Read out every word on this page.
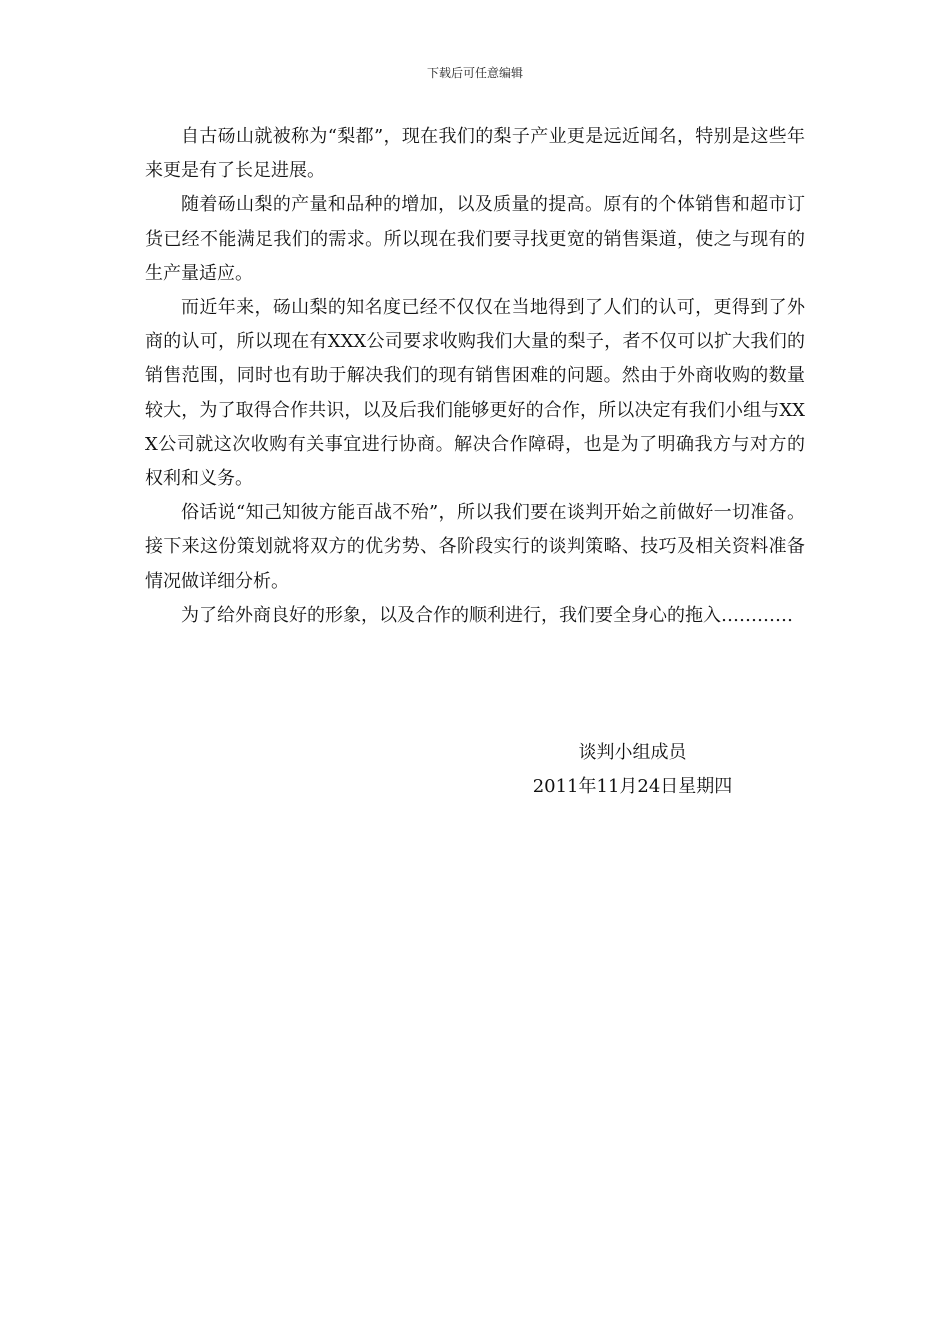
下载后可任意编辑

自古砀山就被称为“梨都”，现在我们的梨子产业更是远近闻名，特别是这些年来更是有了长足进展。

随着砀山梨的产量和品种的增加，以及质量的提高。原有的个体销售和超市订货已经不能满足我们的需求。所以现在我们要寻找更宽的销售渠道，使之与现有的生产量适应。

而近年来，砀山梨的知名度已经不仅仅在当地得到了人们的认可，更得到了外商的认可，所以现在有XXX公司要求收购我们大量的梨子，者不仅可以扩大我们的销售范围，同时也有助于解决我们的现有销售困难的问题。然由于外商收购的数量较大，为了取得合作共识，以及后我们能够更好的合作，所以决定有我们小组与XXX公司就这次收购有关事宜进行协商。解决合作障碍，也是为了明确我方与对方的权利和义务。

俗话说“知己知彼方能百战不殆”，所以我们要在谈判开始之前做好一切准备。接下来这份策划就将双方的优劣势、各阶段实行的谈判策略、技巧及相关资料准备情况做详细分析。

为了给外商良好的形象，以及合作的顺利进行，我们要全身心的拖入…………

谈判小组成员
2011年11月24日星期四
